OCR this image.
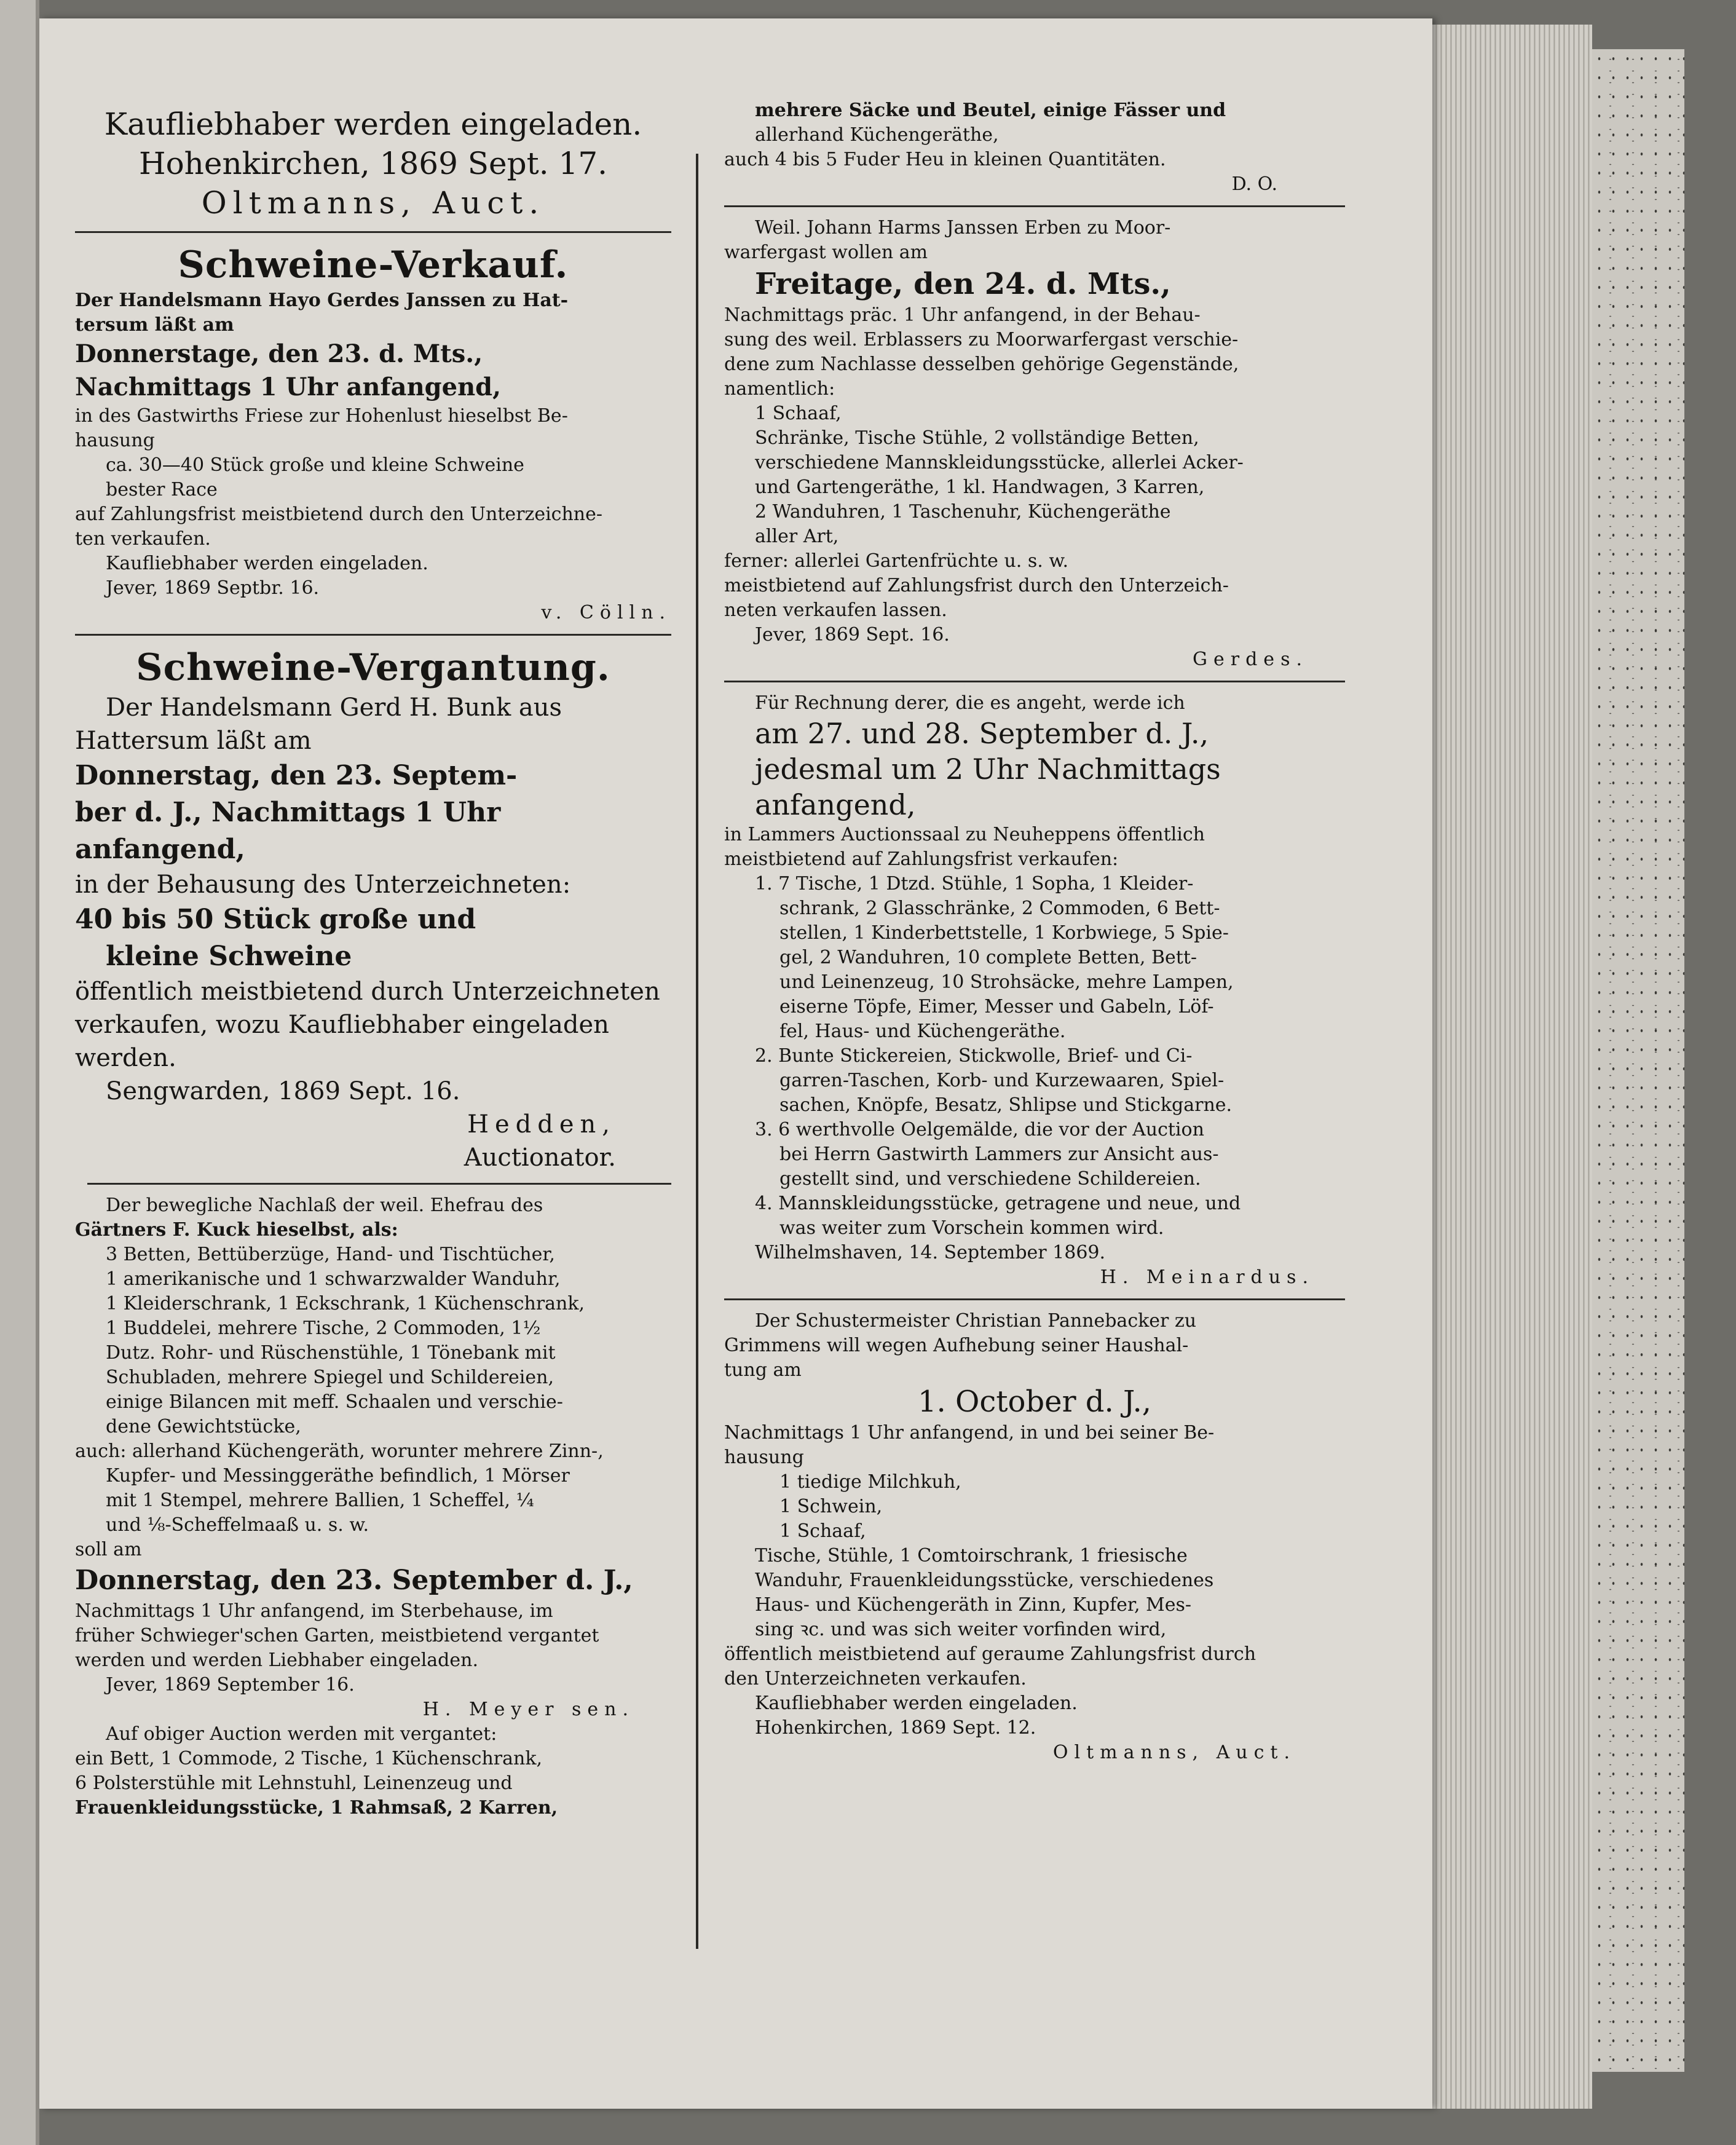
Kaufliebhaber werden eingeladen.
Hohenkirchen, 1869 Sept. 17.
Oltmanns, Auct.
Schweine-Verkauf.
Der Handelsmann Hayo Gerdes Janssen zu Hat-
tersum läßt am
Donnerstage, den 23. d. Mts.,
Nachmittags 1 Uhr anfangend,
in des Gastwirths Friese zur Hohenlust hieselbst Be-
hausung
ca. 30—40 Stück große und kleine Schweine
bester Race
auf Zahlungsfrist meistbietend durch den Unterzeichne-
ten verkaufen.
Kaufliebhaber werden eingeladen.
Jever, 1869 Septbr. 16.
v. Cölln.
Schweine-Vergantung.
Der Handelsmann Gerd H. Bunk aus
Hattersum läßt am
Donnerstag, den 23. Septem-
ber d. J., Nachmittags 1 Uhr
anfangend,
in der Behausung des Unterzeichneten:
40 bis 50 Stück große und
kleine Schweine
öffentlich meistbietend durch Unterzeichneten
verkaufen, wozu Kaufliebhaber eingeladen
werden.
Sengwarden, 1869 Sept. 16.
Hedden,
Auctionator.
Der bewegliche Nachlaß der weil. Ehefrau des
Gärtners F. Kuck hieselbst, als:
3 Betten, Bettüberzüge, Hand- und Tischtücher,
1 amerikanische und 1 schwarzwalder Wanduhr,
1 Kleiderschrank, 1 Eckschrank, 1 Küchenschrank,
1 Buddelei, mehrere Tische, 2 Commoden, 1½
Dutz. Rohr- und Rüschenstühle, 1 Tönebank mit
Schubladen, mehrere Spiegel und Schildereien,
einige Bilancen mit meff. Schaalen und verschie-
dene Gewichtstücke,
auch: allerhand Küchengeräth, worunter mehrere Zinn-,
Kupfer- und Messinggeräthe befindlich, 1 Mörser
mit 1 Stempel, mehrere Ballien, 1 Scheffel, ¼
und ⅛-Scheffelmaaß u. s. w.
soll am
Donnerstag, den 23. September d. J.,
Nachmittags 1 Uhr anfangend, im Sterbehause, im
früher Schwieger'schen Garten, meistbietend vergantet
werden und werden Liebhaber eingeladen.
Jever, 1869 September 16.
H. Meyer sen.
Auf obiger Auction werden mit vergantet:
ein Bett, 1 Commode, 2 Tische, 1 Küchenschrank,
6 Polsterstühle mit Lehnstuhl, Leinenzeug und
Frauenkleidungsstücke, 1 Rahmsaß, 2 Karren,
mehrere Säcke und Beutel, einige Fässer und
allerhand Küchengeräthe,
auch 4 bis 5 Fuder Heu in kleinen Quantitäten.
D. O.
Weil. Johann Harms Janssen Erben zu Moor-
warfergast wollen am
Freitage, den 24. d. Mts.,
Nachmittags präc. 1 Uhr anfangend, in der Behau-
sung des weil. Erblassers zu Moorwarfergast verschie-
dene zum Nachlasse desselben gehörige Gegenstände,
namentlich:
1 Schaaf,
Schränke, Tische Stühle, 2 vollständige Betten,
verschiedene Mannskleidungsstücke, allerlei Acker-
und Gartengeräthe, 1 kl. Handwagen, 3 Karren,
2 Wanduhren, 1 Taschenuhr, Küchengeräthe
aller Art,
ferner: allerlei Gartenfrüchte u. s. w.
meistbietend auf Zahlungsfrist durch den Unterzeich-
neten verkaufen lassen.
Jever, 1869 Sept. 16.
Gerdes.
Für Rechnung derer, die es angeht, werde ich
am 27. und 28. September d. J.,
jedesmal um 2 Uhr Nachmittags
anfangend,
in Lammers Auctionssaal zu Neuheppens öffentlich
meistbietend auf Zahlungsfrist verkaufen:
1. 7 Tische, 1 Dtzd. Stühle, 1 Sopha, 1 Kleider-
schrank, 2 Glasschränke, 2 Commoden, 6 Bett-
stellen, 1 Kinderbettstelle, 1 Korbwiege, 5 Spie-
gel, 2 Wanduhren, 10 complete Betten, Bett-
und Leinenzeug, 10 Strohsäcke, mehre Lampen,
eiserne Töpfe, Eimer, Messer und Gabeln, Löf-
fel, Haus- und Küchengeräthe.
2. Bunte Stickereien, Stickwolle, Brief- und Ci-
garren-Taschen, Korb- und Kurzewaaren, Spiel-
sachen, Knöpfe, Besatz, Shlipse und Stickgarne.
3. 6 werthvolle Oelgemälde, die vor der Auction
bei Herrn Gastwirth Lammers zur Ansicht aus-
gestellt sind, und verschiedene Schildereien.
4. Mannskleidungsstücke, getragene und neue, und
was weiter zum Vorschein kommen wird.
Wilhelmshaven, 14. September 1869.
H. Meinardus.
Der Schustermeister Christian Pannebacker zu
Grimmens will wegen Aufhebung seiner Haushal-
tung am
1. October d. J.,
Nachmittags 1 Uhr anfangend, in und bei seiner Be-
hausung
1 tiedige Milchkuh,
1 Schwein,
1 Schaaf,
Tische, Stühle, 1 Comtoirschrank, 1 friesische
Wanduhr, Frauenkleidungsstücke, verschiedenes
Haus- und Küchengeräth in Zinn, Kupfer, Mes-
sing ꝛc. und was sich weiter vorfinden wird,
öffentlich meistbietend auf geraume Zahlungsfrist durch
den Unterzeichneten verkaufen.
Kaufliebhaber werden eingeladen.
Hohenkirchen, 1869 Sept. 12.
Oltmanns, Auct.
